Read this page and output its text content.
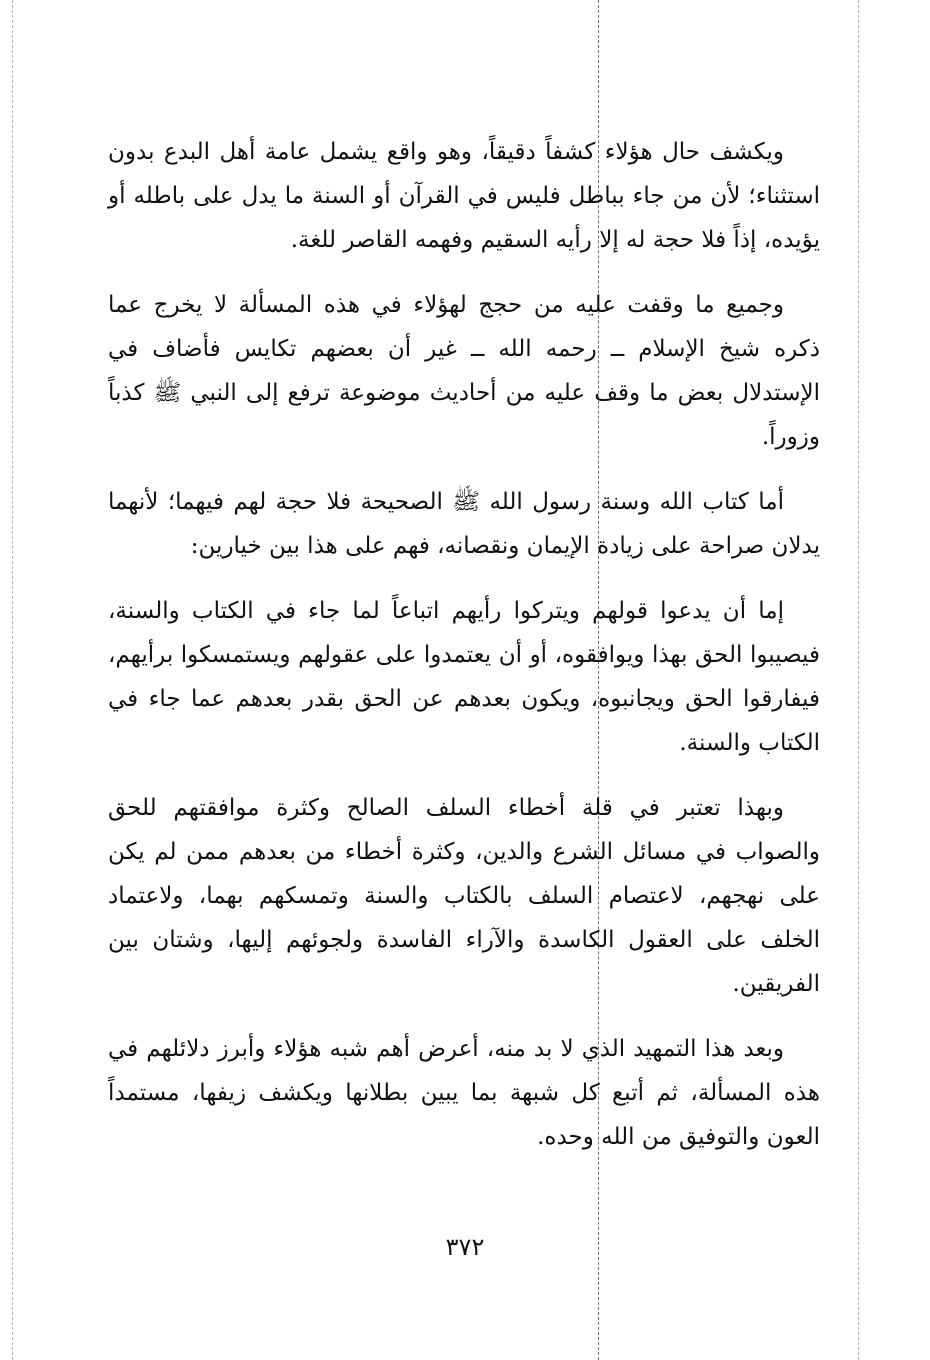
ويكشف حال هؤلاء كشفاً دقيقاً، وهو واقع يشمل عامة أهل البدع بدون استثناء؛ لأن من جاء بباطل فليس في القرآن أو السنة ما يدل على باطله أو يؤيده، إذاً فلا حجة له إلا رأيه السقيم وفهمه القاصر للغة.

وجميع ما وقفت عليه من حجج لهؤلاء في هذه المسألة لا يخرج عما ذكره شيخ الإسلام ــ رحمه الله ــ غير أن بعضهم تكايس فأضاف في الإستدلال بعض ما وقف عليه من أحاديث موضوعة ترفع إلى النبي ﷺ كذباً وزوراً.

أما كتاب الله وسنة رسول الله ﷺ الصحيحة فلا حجة لهم فيهما؛ لأنهما يدلان صراحة على زيادة الإيمان ونقصانه، فهم على هذا بين خيارين:

إما أن يدعوا قولهم ويتركوا رأيهم اتباعاً لما جاء في الكتاب والسنة، فيصيبوا الحق بهذا ويوافقوه، أو أن يعتمدوا على عقولهم ويستمسكوا برأيهم، فيفارقوا الحق ويجانبوه، ويكون بعدهم عن الحق بقدر بعدهم عما جاء في الكتاب والسنة.

وبهذا تعتبر في قلة أخطاء السلف الصالح وكثرة موافقتهم للحق والصواب في مسائل الشرع والدين، وكثرة أخطاء من بعدهم ممن لم يكن على نهجهم، لاعتصام السلف بالكتاب والسنة وتمسكهم بهما، ولاعتماد الخلف على العقول الكاسدة والآراء الفاسدة ولجوئهم إليها، وشتان بين الفريقين.

وبعد هذا التمهيد الذي لا بد منه، أعرض أهم شبه هؤلاء وأبرز دلائلهم في هذه المسألة، ثم أتبع كل شبهة بما يبين بطلانها ويكشف زيفها، مستمداً العون والتوفيق من الله وحده.

٣٧٢
